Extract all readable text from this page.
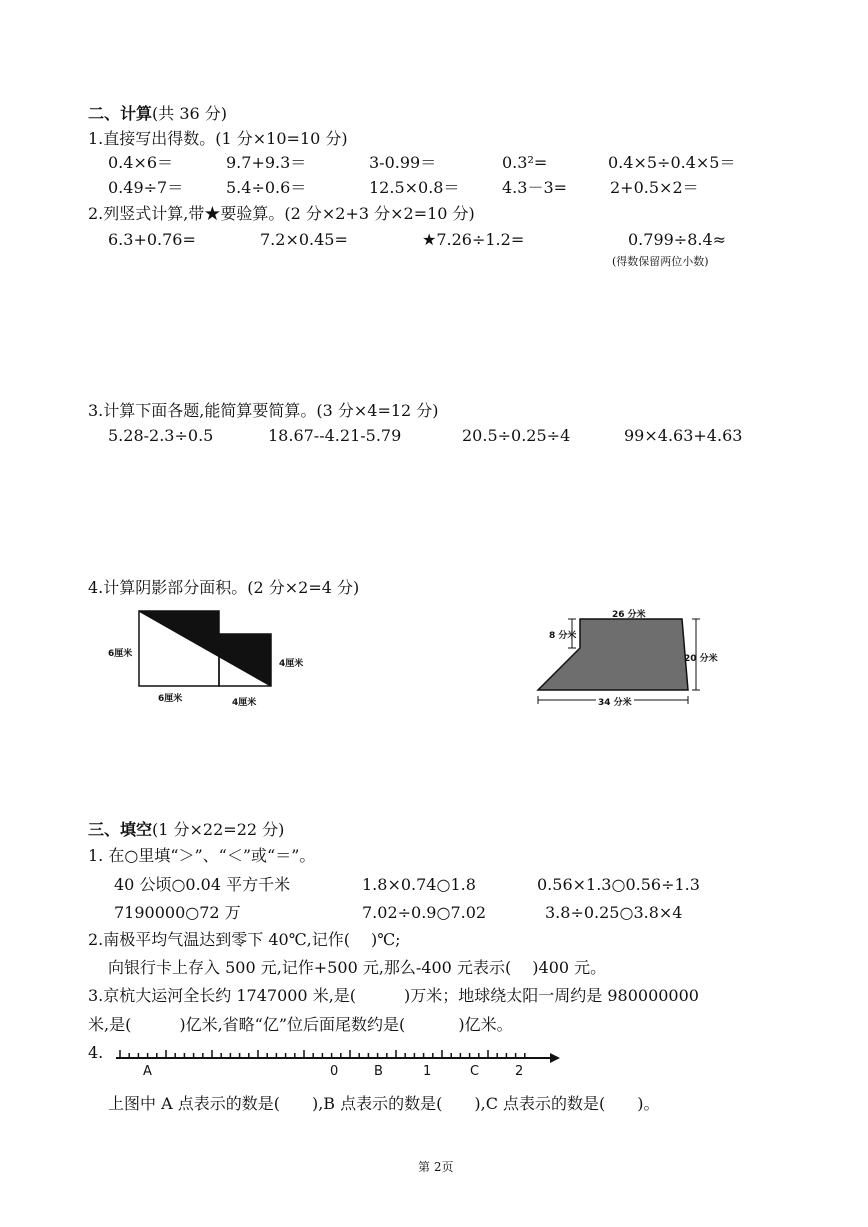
二、计算(共 36 分)
1.直接写出得数。(1 分×10=10 分)
0.4×6＝	9.7+9.3＝	3-0.99＝	0.3²=	0.4×5÷0.4×5＝
0.49÷7＝	5.4÷0.6＝	12.5×0.8＝	4.3－3=	2+0.5×2＝
2.列竖式计算,带★要验算。(2 分×2+3 分×2=10 分)
6.3+0.76=	7.2×0.45=	★7.26÷1.2=	0.799÷8.4≈
(得数保留两位小数)
3.计算下面各题,能简算要简算。(3 分×4=12 分)
5.28-2.3÷0.5	18.67--4.21-5.79	20.5÷0.25÷4	99×4.63+4.63
4.计算阴影部分面积。(2 分×2=4 分)
6厘米
4厘米
6厘米	4厘米
26 分米
8 分米
20 分米
34 分米
三、填空(1 分×22=22 分)
1. 在○里填“＞”、“＜”或“＝”。
40 公顷○0.04 平方千米	1.8×0.74○1.8	0.56×1.3○0.56÷1.3
7190000○72 万	7.02÷0.9○7.02	3.8÷0.25○3.8×4
2.南极平均气温达到零下 40℃,记作(　 )℃;
向银行卡上存入 500 元,记作+500 元,那么-400 元表示(　 )400 元。
3.京杭大运河全长约 1747000 米,是(　　　)万米；地球绕太阳一周约是 980000000
米,是(　　　)亿米,省略“亿”位后面尾数约是(　　　 )亿米。
4.
A	0	B	1	C	2
上图中 A 点表示的数是(　　),B 点表示的数是(　　),C 点表示的数是(　　)。
第 2页
